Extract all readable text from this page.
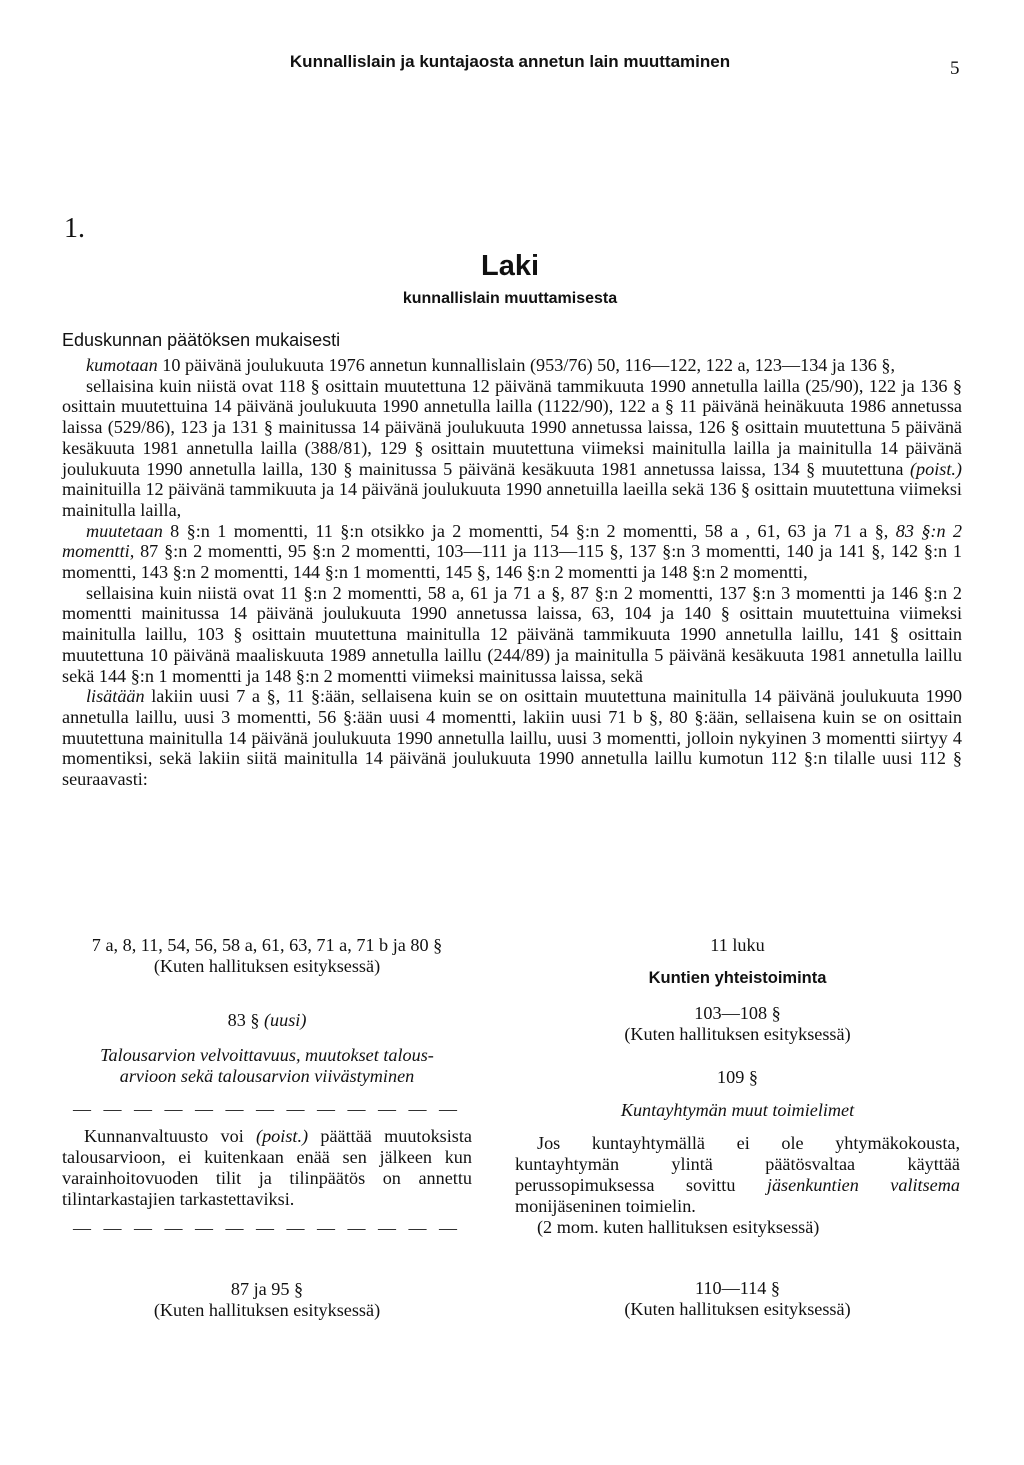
Kunnallislain ja kuntajaosta annetun lain muuttaminen	5
1.
Laki
kunnallislain muuttamisesta
Eduskunnan päätöksen mukaisesti

kumotaan 10 päivänä joulukuuta 1976 annetun kunnallislain (953/76) 50, 116—122, 122 a, 123—134 ja 136 §,

sellaisina kuin niistä ovat 118 § osittain muutettuna 12 päivänä tammikuuta 1990 annetulla lailla (25/90), 122 ja 136 § osittain muutettuina 14 päivänä joulukuuta 1990 annetulla lailla (1122/90), 122 a § 11 päivänä heinäkuuta 1986 annetussa laissa (529/86), 123 ja 131 § mainitussa 14 päivänä joulukuuta 1990 annetussa laissa, 126 § osittain muutettuna 5 päivänä kesäkuuta 1981 annetulla lailla (388/81), 129 § osittain muutettuna viimeksi mainitulla lailla ja mainitulla 14 päivänä joulukuuta 1990 annetulla lailla, 130 § mainitussa 5 päivänä kesäkuuta 1981 annetussa laissa, 134 § muutettuna (poist.) mainituilla 12 päivänä tammikuuta ja 14 päivänä joulukuuta 1990 annetuilla laeilla sekä 136 § osittain muutettuna viimeksi mainitulla lailla,

muutetaan 8 §:n 1 momentti, 11 §:n otsikko ja 2 momentti, 54 §:n 2 momentti, 58 a , 61, 63 ja 71 a §, 83 §:n 2 momentti, 87 §:n 2 momentti, 95 §:n 2 momentti, 103—111 ja 113—115 §, 137 §:n 3 momentti, 140 ja 141 §, 142 §:n 1 momentti, 143 §:n 2 momentti, 144 §:n 1 momentti, 145 §, 146 §:n 2 momentti ja 148 §:n 2 momentti,

sellaisina kuin niistä ovat 11 §:n 2 momentti, 58 a, 61 ja 71 a §, 87 §:n 2 momentti, 137 §:n 3 momentti ja 146 §:n 2 momentti mainitussa 14 päivänä joulukuuta 1990 annetussa laissa, 63, 104 ja 140 § osittain muutettuina viimeksi mainitulla laillu, 103 § osittain muutettuna mainitulla 12 päivänä tammikuuta 1990 annetulla laillu, 141 § osittain muutettuna 10 päivänä maaliskuuta 1989 annetulla laillu (244/89) ja mainitulla 5 päivänä kesäkuuta 1981 annetulla laillu sekä 144 §:n 1 momentti ja 148 §:n 2 momentti viimeksi mainitussa laissa, sekä

lisätään lakiin uusi 7 a §, 11 §:ään, sellaisena kuin se on osittain muutettuna mainitulla 14 päivänä joulukuuta 1990 annetulla laillu, uusi 3 momentti, 56 §:ään uusi 4 momentti, lakiin uusi 71 b §, 80 §:ään, sellaisena kuin se on osittain muutettuna mainitulla 14 päivänä joulukuuta 1990 annetulla laillu, uusi 3 momentti, jolloin nykyinen 3 momentti siirtyy 4 momentiksi, sekä lakiin siitä mainitulla 14 päivänä joulukuuta 1990 annetulla laillu kumotun 112 §:n tilalle uusi 112 § seuraavasti:

7 a, 8, 11, 54, 56, 58 a, 61, 63, 71 a, 71 b ja 80 §
(Kuten hallituksen esityksessä)
83 § (uusi)
Talousarvion velvoittavuus, muutokset talous-
arvioon sekä talousarvion viivästyminen
— — — — — — — — — — — — —
Kunnanvaltuusto voi (poist.) päättää muutoksista talousarvioon, ei kuitenkaan enää sen jälkeen kun varainhoitovuoden tilit ja tilinpäätös on annettu tilintarkastajien tarkastettaviksi.
— — — — — — — — — — — — —
87 ja 95 §
(Kuten hallituksen esityksessä)
11 luku
Kuntien yhteistoiminta
103—108 §
(Kuten hallituksen esityksessä)
109 §
Kuntayhtymän muut toimielimet
Jos kuntayhtymällä ei ole yhtymäkokousta, kuntayhtymän ylintä päätösvaltaa käyttää perussopimuksessa sovittu jäsenkuntien valitsema monijäseninen toimielin.
(2 mom. kuten hallituksen esityksessä)
110—114 §
(Kuten hallituksen esityksessä)
